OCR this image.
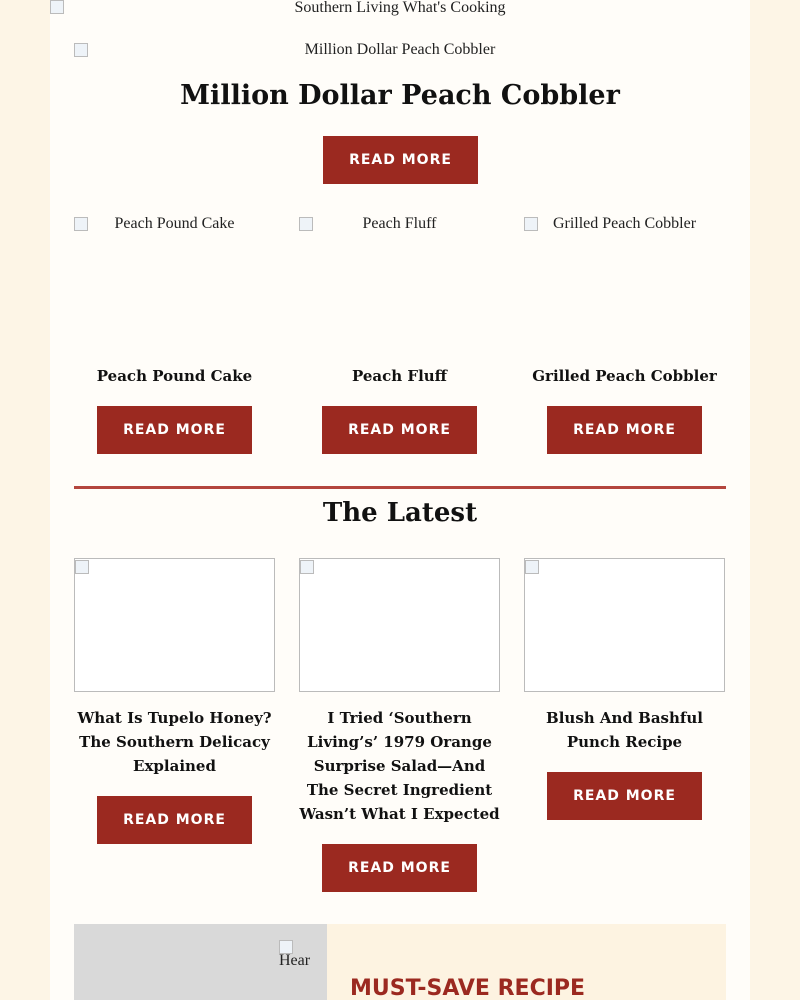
Southern Living What's Cooking
Million Dollar Peach Cobbler
Million Dollar Peach Cobbler
READ MORE
Peach Pound Cake	Peach Fluff	Grilled Peach Cobbler
Peach Pound Cake	Peach Fluff	Grilled Peach Cobbler
READ MORE	READ MORE	READ MORE
The Latest
What Is Tupelo Honey? The Southern Delicacy Explained
I Tried ‘Southern Living’s’ 1979 Orange Surprise Salad—And The Secret Ingredient Wasn’t What I Expected
Blush And Bashful Punch Recipe
READ MORE
READ MORE
READ MORE
Hear
MUST-SAVE RECIPE
